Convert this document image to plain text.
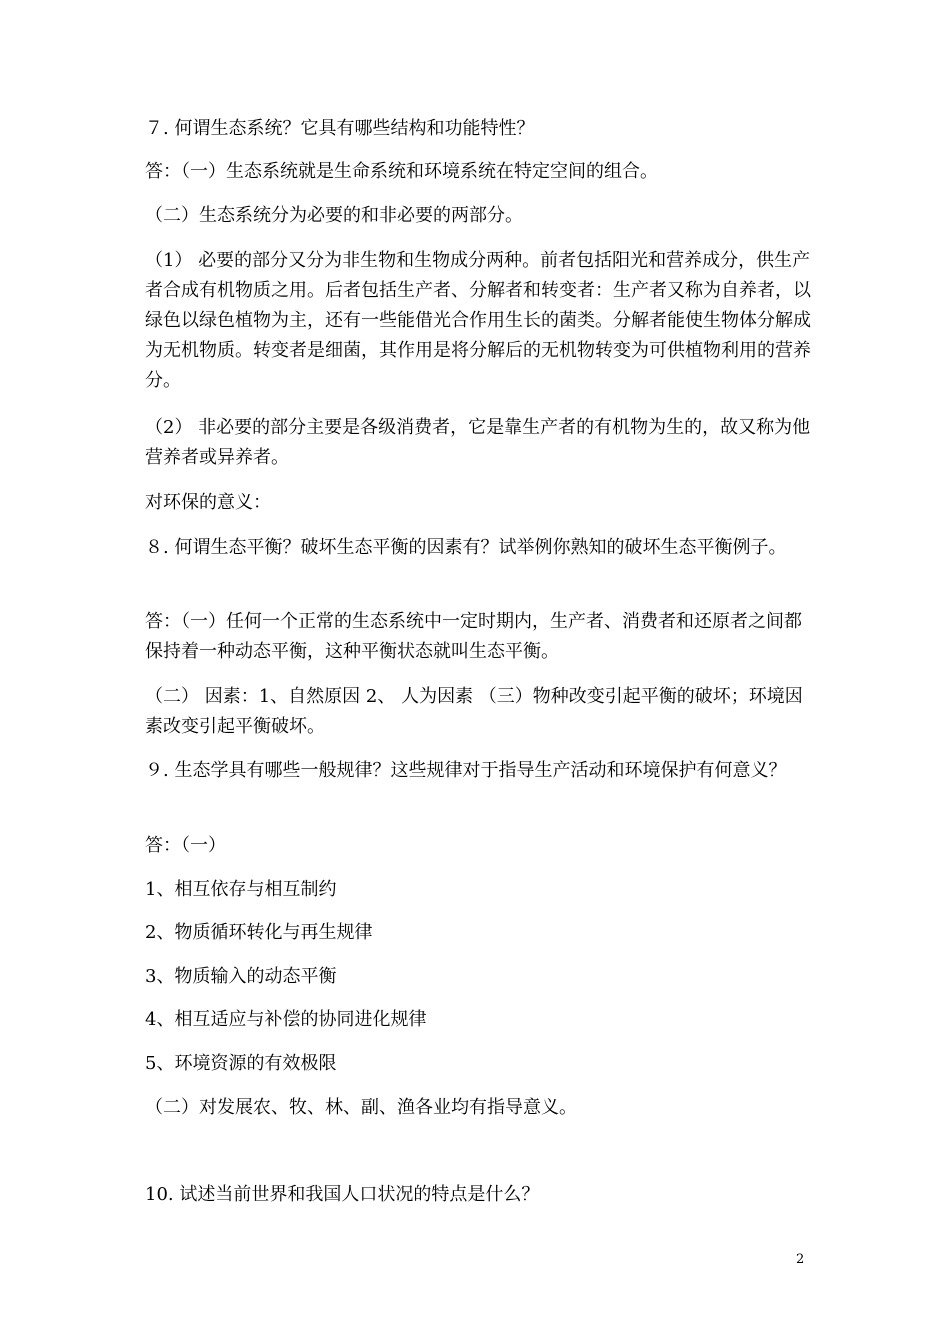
７. 何谓生态系统？它具有哪些结构和功能特性？

答：（一）生态系统就是生命系统和环境系统在特定空间的组合。

（二）生态系统分为必要的和非必要的两部分。

（1） 必要的部分又分为非生物和生物成分两种。前者包括阳光和营养成分，供生产者合成有机物质之用。后者包括生产者、分解者和转变者：生产者又称为自养者，以绿色以绿色植物为主，还有一些能借光合作用生长的菌类。分解者能使生物体分解成为无机物质。转变者是细菌，其作用是将分解后的无机物转变为可供植物利用的营养分。

（2） 非必要的部分主要是各级消费者，它是靠生产者的有机物为生的，故又称为他营养者或异养者。

对环保的意义：

８. 何谓生态平衡？破坏生态平衡的因素有？试举例你熟知的破坏生态平衡例子。

答：（一）任何一个正常的生态系统中一定时期内，生产者、消费者和还原者之间都保持着一种动态平衡，这种平衡状态就叫生态平衡。

（二） 因素：1、自然原因 2、 人为因素 （三）物种改变引起平衡的破坏；环境因素改变引起平衡破坏。

９. 生态学具有哪些一般规律？这些规律对于指导生产活动和环境保护有何意义？

答：（一）

1、相互依存与相互制约

2、物质循环转化与再生规律

3、物质输入的动态平衡

4、相互适应与补偿的协同进化规律

5、环境资源的有效极限

（二）对发展农、牧、林、副、渔各业均有指导意义。

10. 试述当前世界和我国人口状况的特点是什么？

2
